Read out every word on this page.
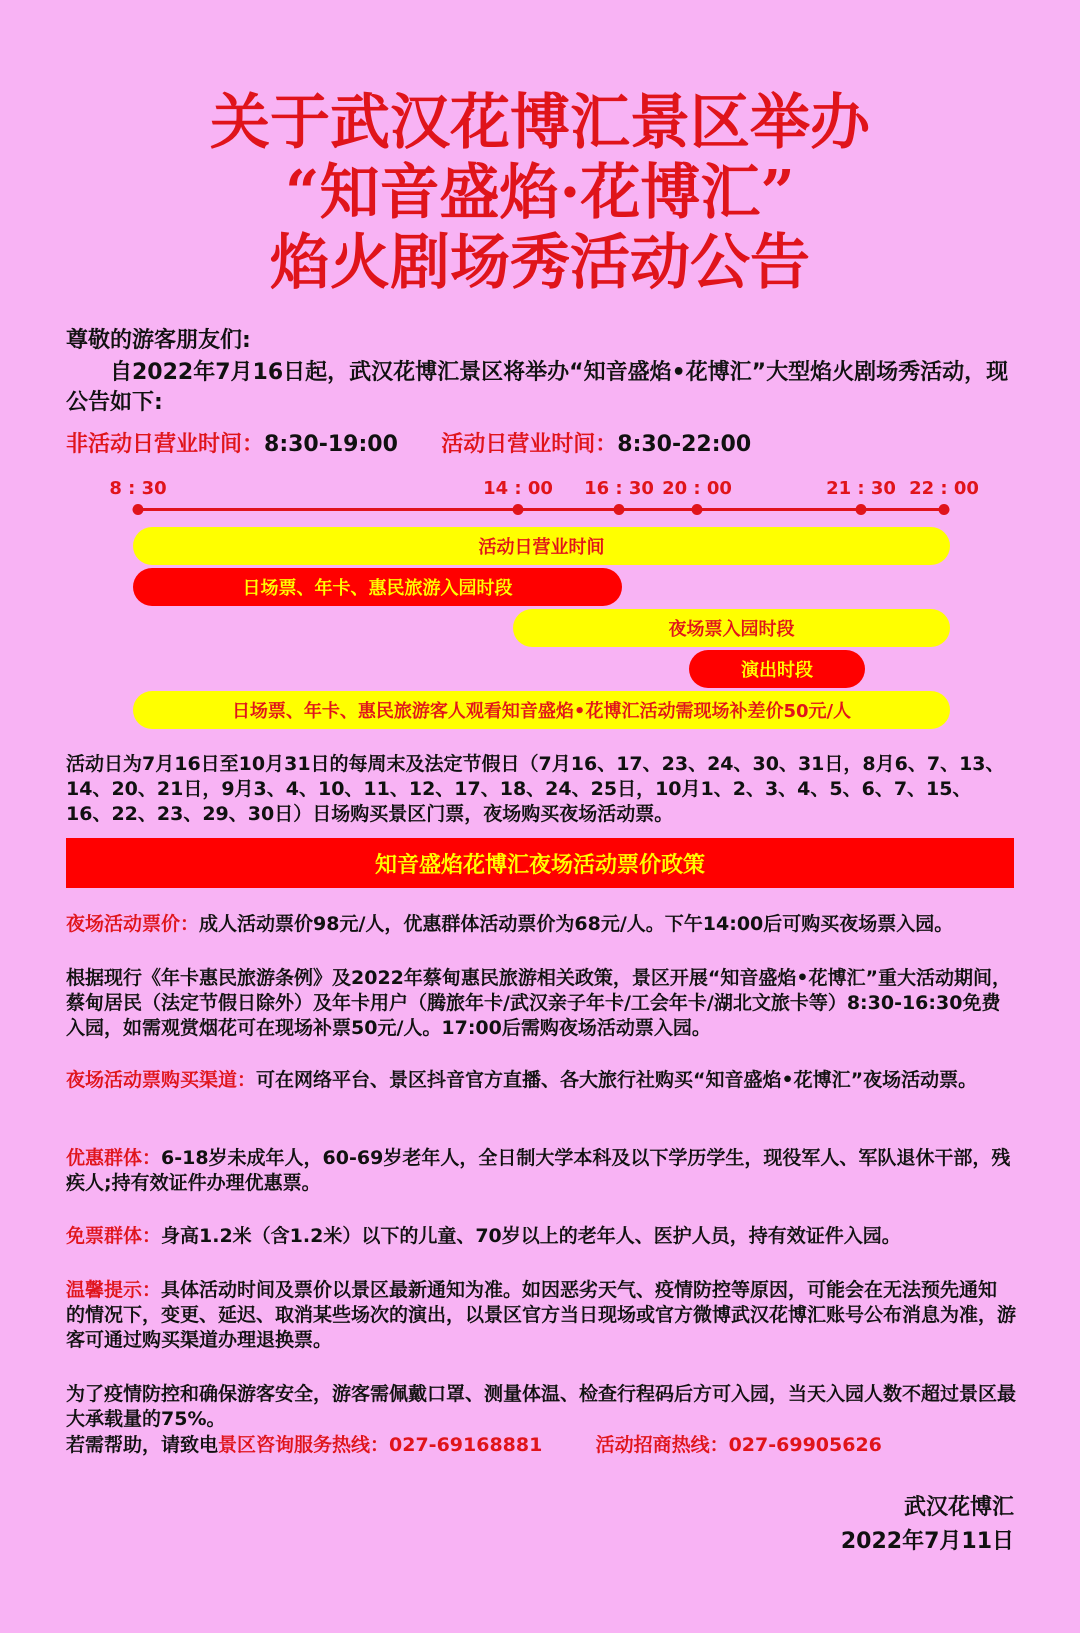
关于武汉花博汇景区举办
“知音盛焰·花博汇”
焰火剧场秀活动公告
尊敬的游客朋友们:
　　自2022年7月16日起，武汉花博汇景区将举办“知音盛焰•花博汇”大型焰火剧场秀活动，现公告如下:
非活动日营业时间：8:30-19:00 活动日营业时间：8:30-22:00
8 : 30	14 : 00 16 : 30 20 : 00	21 : 30 22 : 00
活动日营业时间
日场票、年卡、惠民旅游入园时段
夜场票入园时段
演出时段
日场票、年卡、惠民旅游客人观看知音盛焰•花博汇活动需现场补差价50元/人
活动日为7月16日至10月31日的每周末及法定节假日（7月16、17、23、24、30、31日，8月6、7、13、14、20、21日，9月3、4、10、11、12、17、18、24、25日，10月1、2、3、4、5、6、7、15、16、22、23、29、30日）日场购买景区门票，夜场购买夜场活动票。
知音盛焰花博汇夜场活动票价政策
夜场活动票价：成人活动票价98元/人，优惠群体活动票价为68元/人。下午14:00后可购买夜场票入园。
根据现行《年卡惠民旅游条例》及2022年蔡甸惠民旅游相关政策，景区开展“知音盛焰•花博汇”重大活动期间，蔡甸居民（法定节假日除外）及年卡用户（腾旅年卡/武汉亲子年卡/工会年卡/湖北文旅卡等）8:30-16:30免费入园，如需观赏烟花可在现场补票50元/人。17:00后需购夜场活动票入园。
夜场活动票购买渠道：可在网络平台、景区抖音官方直播、各大旅行社购买“知音盛焰•花博汇”夜场活动票。
优惠群体：6-18岁未成年人，60-69岁老年人，全日制大学本科及以下学历学生，现役军人、军队退休干部，残疾人;持有效证件办理优惠票。
免票群体：身高1.2米（含1.2米）以下的儿童、70岁以上的老年人、医护人员，持有效证件入园。
温馨提示：具体活动时间及票价以景区最新通知为准。如因恶劣天气、疫情防控等原因，可能会在无法预先通知的情况下，变更、延迟、取消某些场次的演出，以景区官方当日现场或官方微博武汉花博汇账号公布消息为准，游客可通过购买渠道办理退换票。
为了疫情防控和确保游客安全，游客需佩戴口罩、测量体温、检查行程码后方可入园，当天入园人数不超过景区最大承载量的75%。
若需帮助，请致电景区咨询服务热线：027-69168881	活动招商热线：027-69905626
武汉花博汇
2022年7月11日
